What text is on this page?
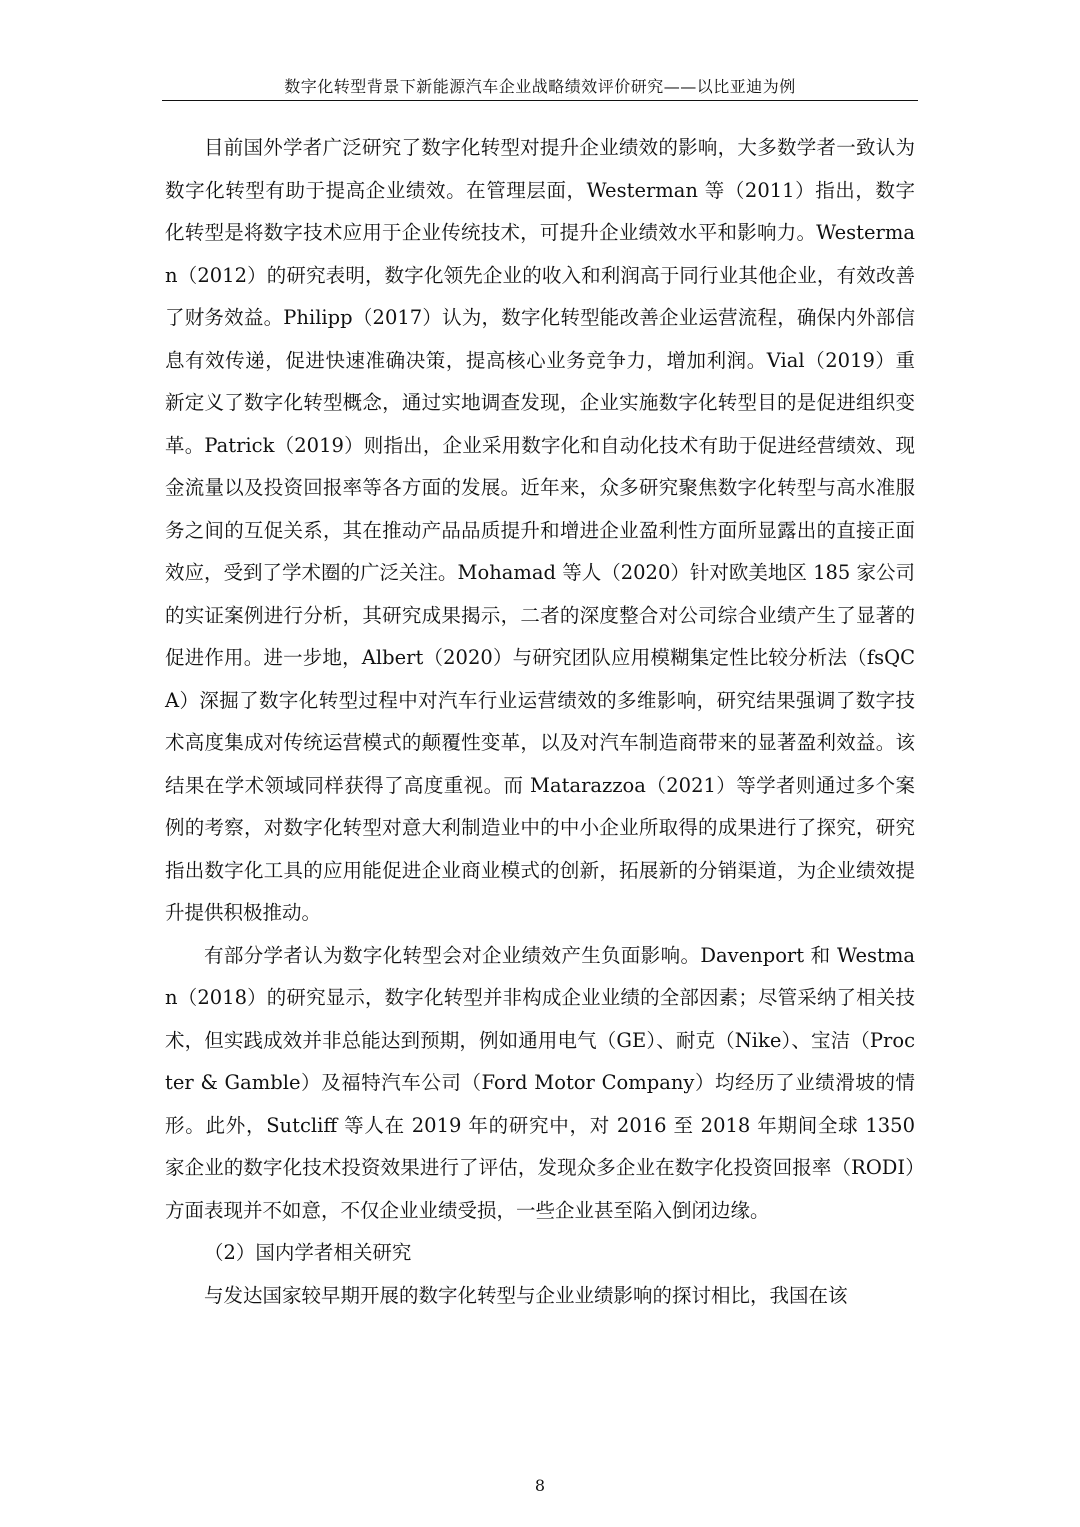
数字化转型背景下新能源汽车企业战略绩效评价研究——以比亚迪为例

目前国外学者广泛研究了数字化转型对提升企业绩效的影响，大多数学者一致认为数字化转型有助于提高企业绩效。在管理层面，Westerman 等（2011）指出，数字化转型是将数字技术应用于企业传统技术，可提升企业绩效水平和影响力。Westerman（2012）的研究表明，数字化领先企业的收入和利润高于同行业其他企业，有效改善了财务效益。Philipp（2017）认为，数字化转型能改善企业运营流程，确保内外部信息有效传递，促进快速准确决策，提高核心业务竞争力，增加利润。Vial（2019）重新定义了数字化转型概念，通过实地调查发现，企业实施数字化转型目的是促进组织变革。Patrick（2019）则指出，企业采用数字化和自动化技术有助于促进经营绩效、现金流量以及投资回报率等各方面的发展。近年来，众多研究聚焦数字化转型与高水准服务之间的互促关系，其在推动产品品质提升和增进企业盈利性方面所显露出的直接正面效应，受到了学术圈的广泛关注。Mohamad 等人（2020）针对欧美地区 185 家公司的实证案例进行分析，其研究成果揭示，二者的深度整合对公司综合业绩产生了显著的促进作用。进一步地，Albert（2020）与研究团队应用模糊集定性比较分析法（fsQCA）深掘了数字化转型过程中对汽车行业运营绩效的多维影响，研究结果强调了数字技术高度集成对传统运营模式的颠覆性变革，以及对汽车制造商带来的显著盈利效益。该结果在学术领域同样获得了高度重视。而 Matarazzoa（2021）等学者则通过多个案例的考察，对数字化转型对意大利制造业中的中小企业所取得的成果进行了探究，研究指出数字化工具的应用能促进企业商业模式的创新，拓展新的分销渠道，为企业绩效提升提供积极推动。

有部分学者认为数字化转型会对企业绩效产生负面影响。Davenport 和 Westman（2018）的研究显示，数字化转型并非构成企业业绩的全部因素；尽管采纳了相关技术，但实践成效并非总能达到预期，例如通用电气（GE）、耐克（Nike）、宝洁（Procter & Gamble）及福特汽车公司（Ford Motor Company）均经历了业绩滑坡的情形。此外，Sutcliff 等人在 2019 年的研究中，对 2016 至 2018 年期间全球 1350 家企业的数字化技术投资效果进行了评估，发现众多企业在数字化投资回报率（RODI）方面表现并不如意，不仅企业业绩受损，一些企业甚至陷入倒闭边缘。

（2）国内学者相关研究

与发达国家较早期开展的数字化转型与企业业绩影响的探讨相比，我国在该

8
